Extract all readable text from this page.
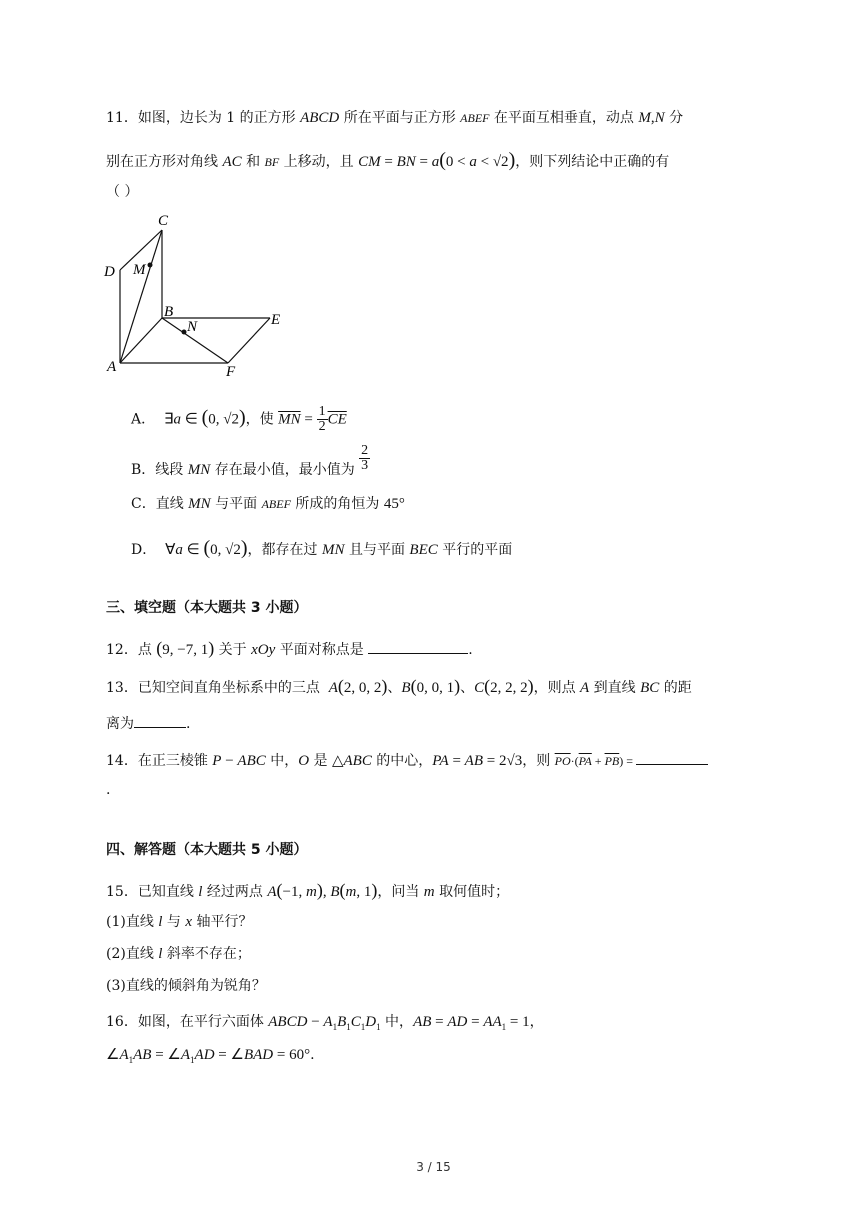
11．如图，边长为 1 的正方形 ABCD 所在平面与正方形 ABEF 在平面互相垂直，动点 M,N 分
别在正方形对角线 AC 和 BF 上移动，且 CM = BN = a(0 < a < √2)，则下列结论中正确的有
（ ）
C
D M
B
N	E
A	F
A．  ∃a ∈ (0, √2)，使 $\overline{MN} = \frac{1}{2} \overline{CE}$
B．线段 MN 存在最小值，最小值为 $\frac{2}{3}$
C．直线 MN 与平面 ABEF 所成的角恒为 45°
D．  ∀a ∈ (0, √2)，都存在过 MN 且与平面 BEC 平行的平面
三、填空题（本大题共 3 小题）
12．点 (9, −7, 1) 关于 xOy 平面对称点是	.
13．已知空间直角坐标系中的三点  A(2, 0, 2)、B(0, 0, 1)、C(2, 2, 2)，则点 A 到直线 BC 的距
离为	.
14．在正三棱锥 P − ABC 中，O 是 △ABC 的中心，PA = AB = 2√3，则 $\overline{PO}\cdot(\overline{PA} + \overline{PB})$ =
.
四、解答题（本大题共 5 小题）
15．已知直线 l 经过两点 A(−1, m), B(m, 1)，问当 m 取何值时；
(1)直线 l 与 x 轴平行？
(2)直线 l 斜率不存在；
(3)直线的倾斜角为锐角？
16．如图，在平行六面体 ABCD − $A_1B_1C_1D_1$ 中，AB = AD = $AA_1 = 1$，
$\angle A_1AB$ = $\angle A_1AD$ = ∠BAD = 60°.
3 / 15
